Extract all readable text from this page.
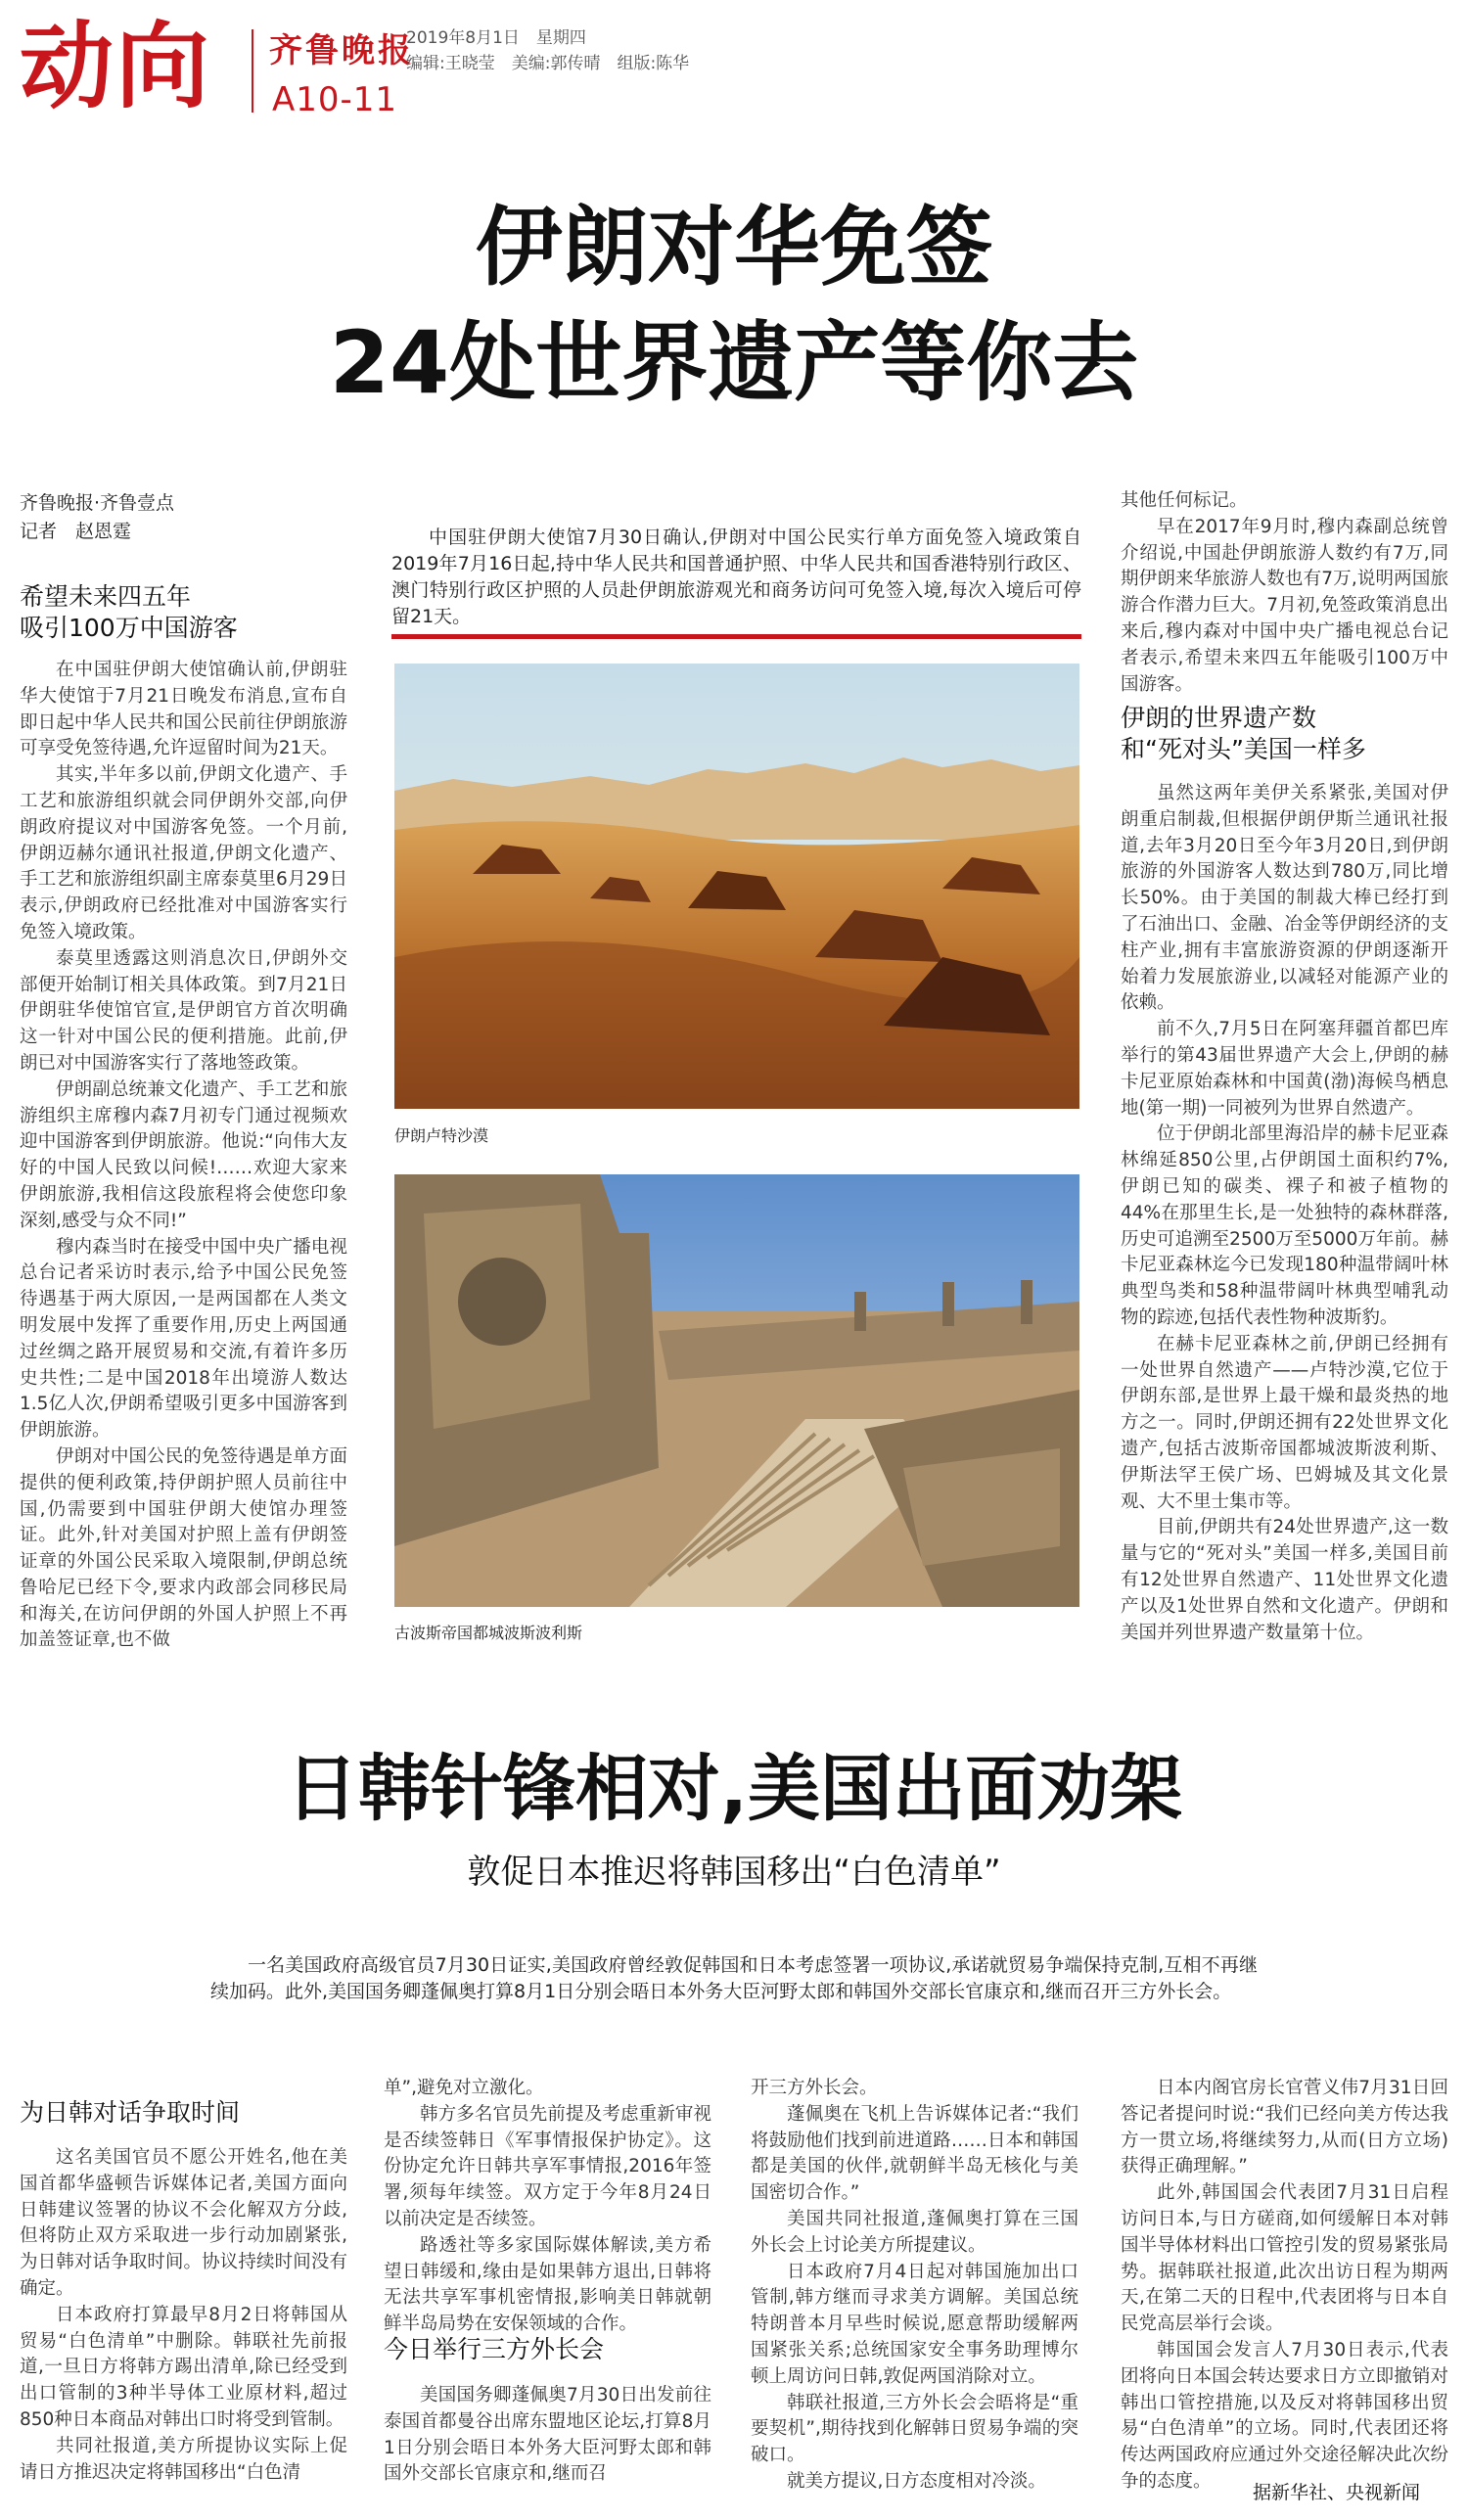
动向 齐鲁晚报
A10-11
2019年8月1日　星期四
编辑:王晓莹　美编:郭传晴　组版:陈华
伊朗对华免签
24处世界遗产等你去
齐鲁晚报·齐鲁壹点
记者　赵恩霆
希望未来四五年
吸引100万中国游客

在中国驻伊朗大使馆确认前,伊朗驻华大使馆于7月21日晚发布消息,宣布自即日起中华人民共和国公民前往伊朗旅游可享受免签待遇,允许逗留时间为21天。

其实,半年多以前,伊朗文化遗产、手工艺和旅游组织就会同伊朗外交部,向伊朗政府提议对中国游客免签。一个月前,伊朗迈赫尔通讯社报道,伊朗文化遗产、手工艺和旅游组织副主席泰莫里6月29日表示,伊朗政府已经批准对中国游客实行免签入境政策。

泰莫里透露这则消息次日,伊朗外交部便开始制订相关具体政策。到7月21日伊朗驻华使馆官宣,是伊朗官方首次明确这一针对中国公民的便利措施。此前,伊朗已对中国游客实行了落地签政策。

伊朗副总统兼文化遗产、手工艺和旅游组织主席穆内森7月初专门通过视频欢迎中国游客到伊朗旅游。他说:“向伟大友好的中国人民致以问候!……欢迎大家来伊朗旅游,我相信这段旅程将会使您印象深刻,感受与众不同!”

穆内森当时在接受中国中央广播电视总台记者采访时表示,给予中国公民免签待遇基于两大原因,一是两国都在人类文明发展中发挥了重要作用,历史上两国通过丝绸之路开展贸易和交流,有着许多历史共性;二是中国2018年出境游人数达1.5亿人次,伊朗希望吸引更多中国游客到伊朗旅游。

伊朗对中国公民的免签待遇是单方面提供的便利政策,持伊朗护照人员前往中国,仍需要到中国驻伊朗大使馆办理签证。此外,针对美国对护照上盖有伊朗签证章的外国公民采取入境限制,伊朗总统鲁哈尼已经下令,要求内政部会同移民局和海关,在访问伊朗的外国人护照上不再加盖签证章,也不做

中国驻伊朗大使馆7月30日确认,伊朗对中国公民实行单方面免签入境政策自2019年7月16日起,持中华人民共和国普通护照、中华人民共和国香港特别行政区、澳门特别行政区护照的人员赴伊朗旅游观光和商务访问可免签入境,每次入境后可停留21天。
伊朗卢特沙漠
古波斯帝国都城波斯波利斯

其他任何标记。

早在2017年9月时,穆内森副总统曾介绍说,中国赴伊朗旅游人数约有7万,同期伊朗来华旅游人数也有7万,说明两国旅游合作潜力巨大。7月初,免签政策消息出来后,穆内森对中国中央广播电视总台记者表示,希望未来四五年能吸引100万中国游客。

伊朗的世界遗产数
和“死对头”美国一样多

虽然这两年美伊关系紧张,美国对伊朗重启制裁,但根据伊朗伊斯兰通讯社报道,去年3月20日至今年3月20日,到伊朗旅游的外国游客人数达到780万,同比增长50%。由于美国的制裁大棒已经打到了石油出口、金融、冶金等伊朗经济的支柱产业,拥有丰富旅游资源的伊朗逐渐开始着力发展旅游业,以减轻对能源产业的依赖。

前不久,7月5日在阿塞拜疆首都巴库举行的第43届世界遗产大会上,伊朗的赫卡尼亚原始森林和中国黄(渤)海候鸟栖息地(第一期)一同被列为世界自然遗产。

位于伊朗北部里海沿岸的赫卡尼亚森林绵延850公里,占伊朗国土面积约7%,伊朗已知的碳类、裸子和被子植物的44%在那里生长,是一处独特的森林群落,历史可追溯至2500万至5000万年前。赫卡尼亚森林迄今已发现180种温带阔叶林典型鸟类和58种温带阔叶林典型哺乳动物的踪迹,包括代表性物种波斯豹。

在赫卡尼亚森林之前,伊朗已经拥有一处世界自然遗产——卢特沙漠,它位于伊朗东部,是世界上最干燥和最炎热的地方之一。同时,伊朗还拥有22处世界文化遗产,包括古波斯帝国都城波斯波利斯、伊斯法罕王侯广场、巴姆城及其文化景观、大不里士集市等。

目前,伊朗共有24处世界遗产,这一数量与它的“死对头”美国一样多,美国目前有12处世界自然遗产、11处世界文化遗产以及1处世界自然和文化遗产。伊朗和美国并列世界遗产数量第十位。

日韩针锋相对,美国出面劝架
敦促日本推迟将韩国移出“白色清单”
一名美国政府高级官员7月30日证实,美国政府曾经敦促韩国和日本考虑签署一项协议,承诺就贸易争端保持克制,互相不再继续加码。此外,美国国务卿蓬佩奥打算8月1日分别会晤日本外务大臣河野太郎和韩国外交部长官康京和,继而召开三方外长会。
为日韩对话争取时间

这名美国官员不愿公开姓名,他在美国首都华盛顿告诉媒体记者,美国方面向日韩建议签署的协议不会化解双方分歧,但将防止双方采取进一步行动加剧紧张,为日韩对话争取时间。协议持续时间没有确定。

日本政府打算最早8月2日将韩国从贸易“白色清单”中删除。韩联社先前报道,一旦日方将韩方踢出清单,除已经受到出口管制的3种半导体工业原材料,超过850种日本商品对韩出口时将受到管制。

共同社报道,美方所提协议实际上促请日方推迟决定将韩国移出“白色清

单”,避免对立激化。

韩方多名官员先前提及考虑重新审视是否续签韩日《军事情报保护协定》。这份协定允许日韩共享军事情报,2016年签署,须每年续签。双方定于今年8月24日以前决定是否续签。

路透社等多家国际媒体解读,美方希望日韩缓和,缘由是如果韩方退出,日韩将无法共享军事机密情报,影响美日韩就朝鲜半岛局势在安保领域的合作。

今日举行三方外长会

美国国务卿蓬佩奥7月30日出发前往泰国首都曼谷出席东盟地区论坛,打算8月1日分别会晤日本外务大臣河野太郎和韩国外交部长官康京和,继而召

开三方外长会。

蓬佩奥在飞机上告诉媒体记者:“我们将鼓励他们找到前进道路……日本和韩国都是美国的伙伴,就朝鲜半岛无核化与美国密切合作。”

美国共同社报道,蓬佩奥打算在三国外长会上讨论美方所提建议。

日本政府7月4日起对韩国施加出口管制,韩方继而寻求美方调解。美国总统特朗普本月早些时候说,愿意帮助缓解两国紧张关系;总统国家安全事务助理博尔顿上周访问日韩,敦促两国消除对立。

韩联社报道,三方外长会会晤将是“重要契机”,期待找到化解韩日贸易争端的突破口。

就美方提议,日方态度相对冷淡。

日本内阁官房长官菅义伟7月31日回答记者提问时说:“我们已经向美方传达我方一贯立场,将继续努力,从而(日方立场)获得正确理解。”

此外,韩国国会代表团7月31日启程访问日本,与日方磋商,如何缓解日本对韩国半导体材料出口管控引发的贸易紧张局势。据韩联社报道,此次出访日程为期两天,在第二天的日程中,代表团将与日本自民党高层举行会谈。

韩国国会发言人7月30日表示,代表团将向日本国会转达要求日方立即撤销对韩出口管控措施,以及反对将韩国移出贸易“白色清单”的立场。同时,代表团还将传达两国政府应通过外交途径解决此次纷争的态度。

据新华社、央视新闻
